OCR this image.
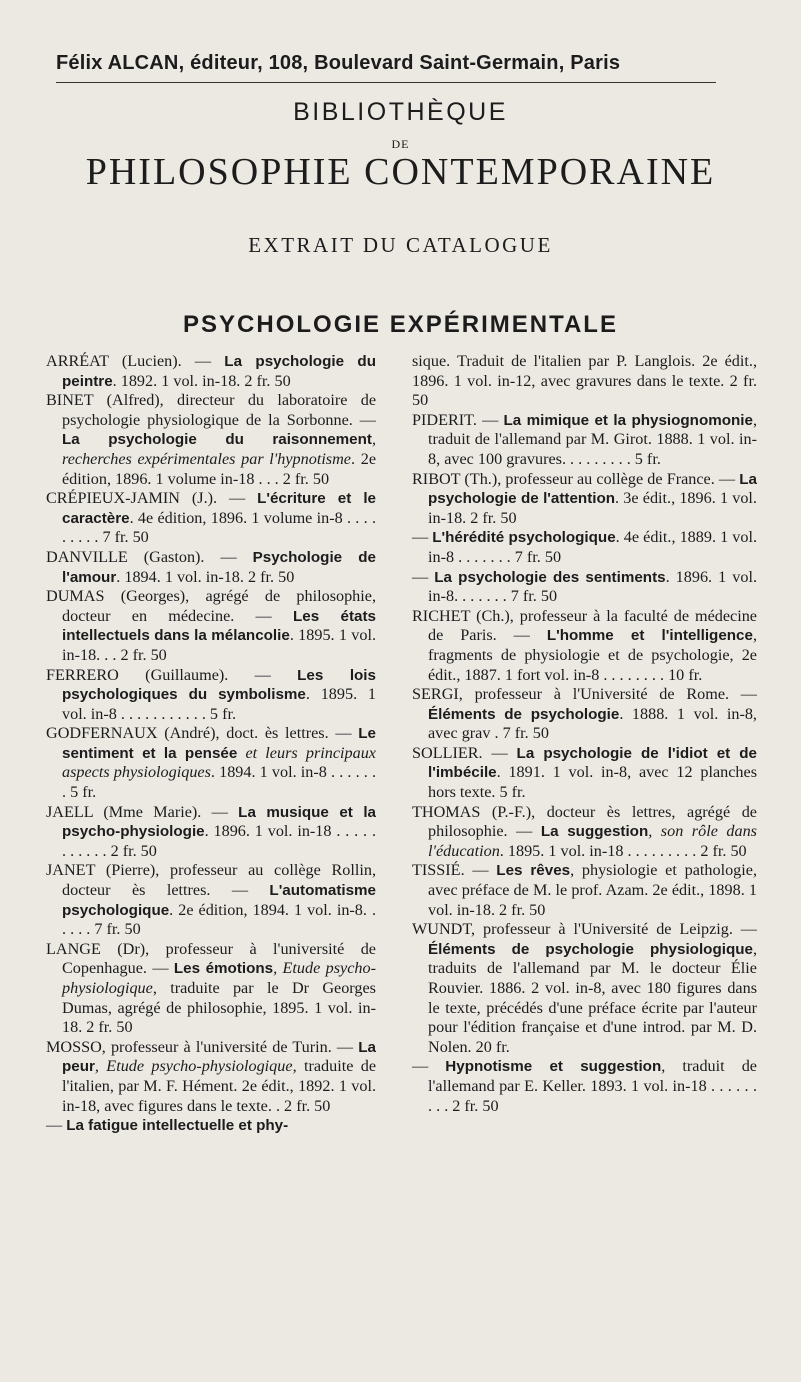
Félix ALCAN, éditeur, 108, Boulevard Saint-Germain, Paris
BIBLIOTHÈQUE
DE
PHILOSOPHIE CONTEMPORAINE
EXTRAIT DU CATALOGUE
PSYCHOLOGIE EXPÉRIMENTALE
ARRÉAT (Lucien). — La psychologie du peintre. 1892. 1 vol. in-18. 2 fr. 50
BINET (Alfred), directeur du laboratoire de psychologie physiologique de la Sorbonne. — La psychologie du raisonnement, recherches expérimentales par l'hypnotisme. 2e édition, 1896. 1 volume in-18 . . . 2 fr. 50
CRÉPIEUX-JAMIN (J.). — L'écriture et le caractère. 4e édition, 1896. 1 volume in-8 . . . . . . . . . 7 fr. 50
DANVILLE (Gaston). — Psychologie de l'amour. 1894. 1 vol. in-18. 2 fr. 50
DUMAS (Georges), agrégé de philosophie, docteur en médecine. — Les états intellectuels dans la mélancolie. 1895. 1 vol. in-18. . . 2 fr. 50
FERRERO (Guillaume). — Les lois psychologiques du symbolisme. 1895. 1 vol. in-8 . . . . . . . . . . . 5 fr.
GODFERNAUX (André), doct. ès lettres. — Le sentiment et la pensée et leurs principaux aspects physiologiques. 1894. 1 vol. in-8 . . . . . . . 5 fr.
JAELL (Mme Marie). — La musique et la psycho-physiologie. 1896. 1 vol. in-18 . . . . . . . . . . . 2 fr. 50
JANET (Pierre), professeur au collège Rollin, docteur ès lettres. — L'automatisme psychologique. 2e édition, 1894. 1 vol. in-8. . . . . . 7 fr. 50
LANGE (Dr), professeur à l'université de Copenhague. — Les émotions, Etude psycho-physiologique, traduite par le Dr Georges Dumas, agrégé de philosophie, 1895. 1 vol. in-18. 2 fr. 50
MOSSO, professeur à l'université de Turin. — La peur, Etude psycho-physiologique, traduite de l'italien, par M. F. Hément. 2e édit., 1892. 1 vol. in-18, avec figures dans le texte. . 2 fr. 50
— La fatigue intellectuelle et phy-
sique. Traduit de l'italien par P. Langlois. 2e édit., 1896. 1 vol. in-12, avec gravures dans le texte. 2 fr. 50
PIDERIT. — La mimique et la physiognomonie, traduit de l'allemand par M. Girot. 1888. 1 vol. in-8, avec 100 gravures. . . . . . . . . 5 fr.
RIBOT (Th.), professeur au collège de France. — La psychologie de l'attention. 3e édit., 1896. 1 vol. in-18. 2 fr. 50
— L'hérédité psychologique. 4e édit., 1889. 1 vol. in-8 . . . . . . . 7 fr. 50
— La psychologie des sentiments. 1896. 1 vol. in-8. . . . . . . 7 fr. 50
RICHET (Ch.), professeur à la faculté de médecine de Paris. — L'homme et l'intelligence, fragments de physiologie et de psychologie, 2e édit., 1887. 1 fort vol. in-8 . . . . . . . . 10 fr.
SERGI, professeur à l'Université de Rome. — Éléments de psychologie. 1888. 1 vol. in-8, avec grav . 7 fr. 50
SOLLIER. — La psychologie de l'idiot et de l'imbécile. 1891. 1 vol. in-8, avec 12 planches hors texte. 5 fr.
THOMAS (P.-F.), docteur ès lettres, agrégé de philosophie. — La suggestion, son rôle dans l'éducation. 1895. 1 vol. in-18 . . . . . . . . . 2 fr. 50
TISSIÉ. — Les rêves, physiologie et pathologie, avec préface de M. le prof. Azam. 2e édit., 1898. 1 vol. in-18. 2 fr. 50
WUNDT, professeur à l'Université de Leipzig. — Éléments de psychologie physiologique, traduits de l'allemand par M. le docteur Élie Rouvier. 1886. 2 vol. in-8, avec 180 figures dans le texte, précédés d'une préface écrite par l'auteur pour l'édition française et d'une introd. par M. D. Nolen. 20 fr.
— Hypnotisme et suggestion, traduit de l'allemand par E. Keller. 1893. 1 vol. in-18 . . . . . . . . . 2 fr. 50
